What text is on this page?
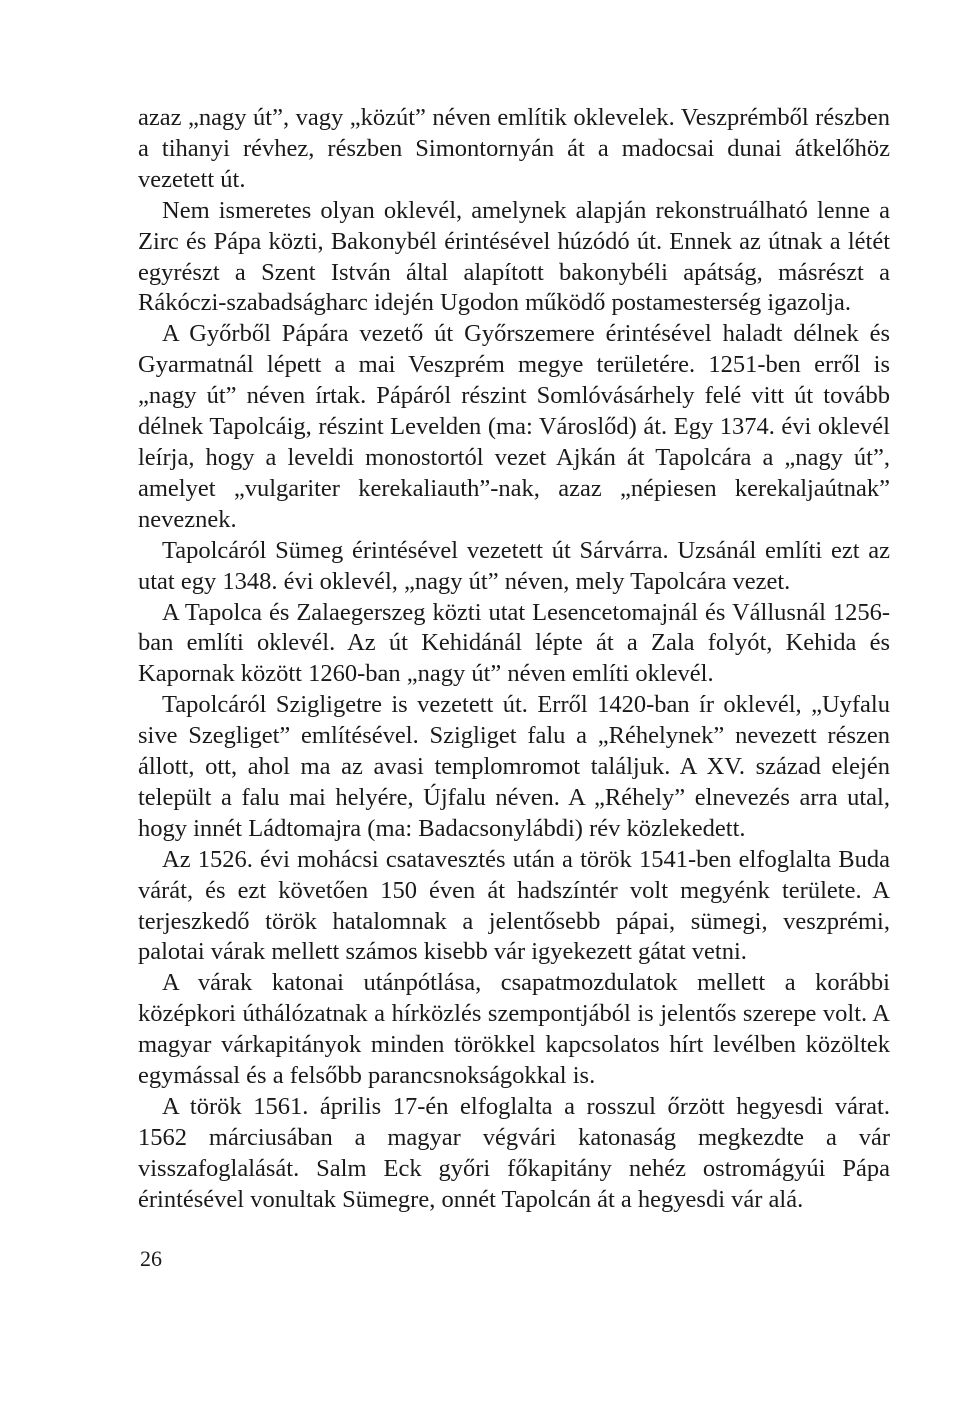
azaz „nagy út”, vagy „közút” néven említik oklevelek. Veszprémből részben a tihanyi révhez, részben Simontornyán át a madocsai dunai átkelőhöz vezetett út.

Nem ismeretes olyan oklevél, amelynek alapján rekonstruálható lenne a Zirc és Pápa közti, Bakonybél érintésével húzódó út. Ennek az útnak a létét egyrészt a Szent István által alapított bakonybéli apátság, másrészt a Rákóczi-szabadságharc idején Ugodon működő postamesterség igazolja.

A Győrből Pápára vezető út Győrszemere érintésével haladt délnek és Gyarmatnál lépett a mai Veszprém megye területére. 1251-ben erről is „nagy út” néven írtak. Pápáról részint Somlóvásárhely felé vitt út tovább délnek Tapolcáig, részint Levelden (ma: Városlőd) át. Egy 1374. évi oklevél leírja, hogy a leveldi monostortól vezet Ajkán át Tapolcára a „nagy út”, amelyet „vulgariter kerekaliauth”-nak, azaz „népiesen kerekaljaútnak” neveznek.

Tapolcáról Sümeg érintésével vezetett út Sárvárra. Uzsánál említi ezt az utat egy 1348. évi oklevél, „nagy út” néven, mely Tapolcára vezet.

A Tapolca és Zalaegerszeg közti utat Lesencetomajnál és Vállusnál 1256-ban említi oklevél. Az út Kehidánál lépte át a Zala folyót, Kehida és Kapornak között 1260-ban „nagy út” néven említi oklevél.

Tapolcáról Szigligetre is vezetett út. Erről 1420-ban ír oklevél, „Uyfalu sive Szegliget” említésével. Szigliget falu a „Réhelynek” nevezett részen állott, ott, ahol ma az avasi templomromot találjuk. A XV. század elején települt a falu mai helyére, Újfalu néven. A „Réhely” elnevezés arra utal, hogy innét Ládtomajra (ma: Badacsonylábdi) rév közlekedett.

Az 1526. évi mohácsi csatavesztés után a török 1541-ben elfoglalta Buda várát, és ezt követően 150 éven át hadszíntér volt megyénk területe. A terjeszkedő török hatalomnak a jelentősebb pápai, sümegi, veszprémi, palotai várak mellett számos kisebb vár igyekezett gátat vetni.

A várak katonai utánpótlása, csapatmozdulatok mellett a korábbi középkori úthálózatnak a hírközlés szempontjából is jelentős szerepe volt. A magyar várkapitányok minden törökkel kapcsolatos hírt levélben közöltek egymással és a felsőbb parancsnokságokkal is.

A török 1561. április 17-én elfoglalta a rosszul őrzött hegyesdi várat. 1562 márciusában a magyar végvári katonaság megkezdte a vár visszafoglalását. Salm Eck győri főkapitány nehéz ostromágyúi Pápa érintésével vonultak Sümegre, onnét Tapolcán át a hegyesdi vár alá.

26
